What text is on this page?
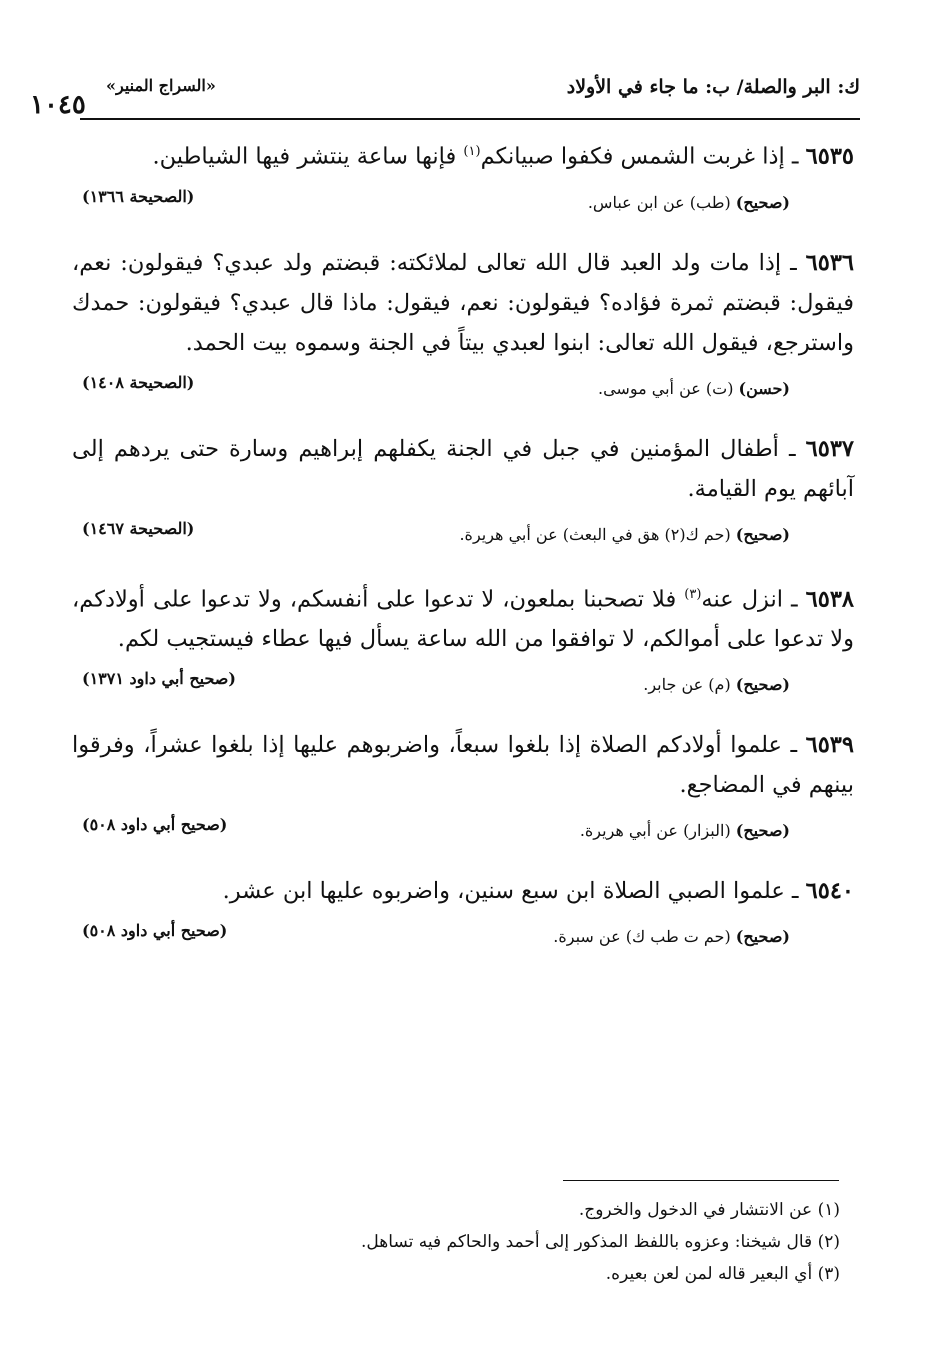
ك: البر والصلة/ ب: ما جاء في الأولاد
«السراج المنير»
١٠٤٥

٦٥٣٥ ـ إذا غربت الشمس فكفوا صبيانكم$^{(١)}$ فإنها ساعة ينتشر فيها الشياطين.

(صحيح) (طب) عن ابن عباس.
(الصحيحة ١٣٦٦)

٦٥٣٦ ـ إذا مات ولد العبد قال الله تعالى لملائكته: قبضتم ولد عبدي؟ فيقولون: نعم، فيقول: قبضتم ثمرة فؤاده؟ فيقولون: نعم، فيقول: ماذا قال عبدي؟ فيقولون: حمدك واسترجع، فيقول الله تعالى: ابنوا لعبدي بيتاً في الجنة وسموه بيت الحمد.

(حسن) (ت) عن أبي موسى.
(الصحيحة ١٤٠٨)

٦٥٣٧ ـ أطفال المؤمنين في جبل في الجنة يكفلهم إبراهيم وسارة حتى يردهم إلى آبائهم يوم القيامة.

(صحيح) (حم ك(٢) هق في البعث) عن أبي هريرة.
(الصحيحة ١٤٦٧)

٦٥٣٨ ـ انزل عنه$^{(٣)}$ فلا تصحبنا بملعون، لا تدعوا على أنفسكم، ولا تدعوا على أولادكم، ولا تدعوا على أموالكم، لا توافقوا من الله ساعة يسأل فيها عطاء فيستجيب لكم.

(صحيح) (م) عن جابر.
(صحيح أبي داود ١٣٧١)

٦٥٣٩ ـ علموا أولادكم الصلاة إذا بلغوا سبعاً، واضربوهم عليها إذا بلغوا عشراً، وفرقوا بينهم في المضاجع.

(صحيح) (البزار) عن أبي هريرة.
(صحيح أبي داود ٥٠٨)

٦٥٤٠ ـ علموا الصبي الصلاة ابن سبع سنين، واضربوه عليها ابن عشر.

(صحيح) (حم ت طب ك) عن سبرة.
(صحيح أبي داود ٥٠٨)
(١) عن الانتشار في الدخول والخروج.
(٢) قال شيخنا: وعزوه باللفظ المذكور إلى أحمد والحاكم فيه تساهل.
(٣) أي البعير قاله لمن لعن بعيره.
